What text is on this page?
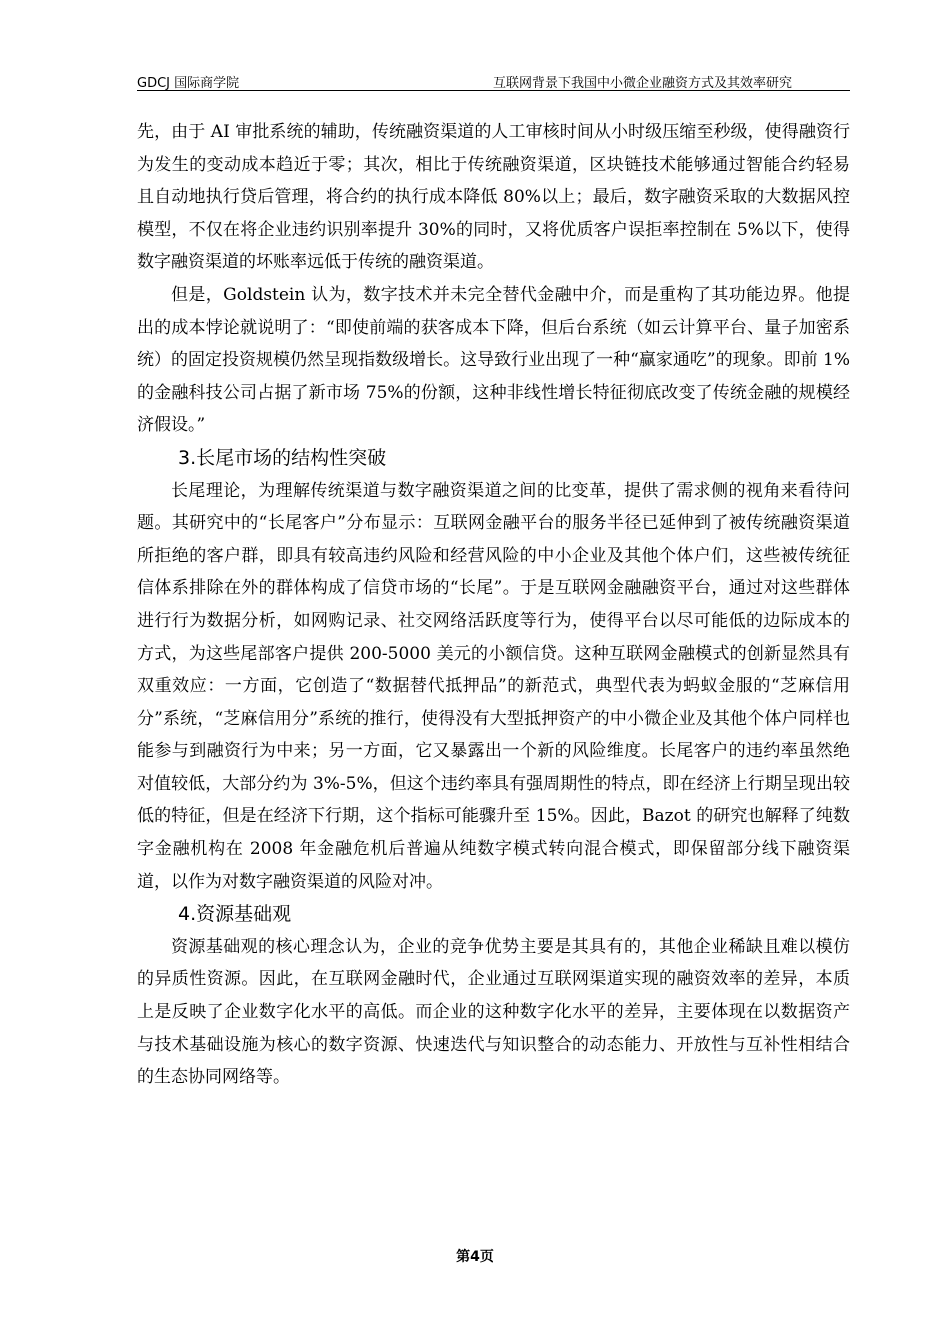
GDCJ 国际商学院	互联网背景下我国中小微企业融资方式及其效率研究

先，由于 AI 审批系统的辅助，传统融资渠道的人工审核时间从小时级压缩至秒级，使得融资行为发生的变动成本趋近于零；其次，相比于传统融资渠道，区块链技术能够通过智能合约轻易且自动地执行贷后管理，将合约的执行成本降低 80%以上；最后，数字融资采取的大数据风控模型，不仅在将企业违约识别率提升 30%的同时，又将优质客户误拒率控制在 5%以下，使得数字融资渠道的坏账率远低于传统的融资渠道。

但是，Goldstein 认为，数字技术并未完全替代金融中介，而是重构了其功能边界。他提出的成本悖论就说明了：“即使前端的获客成本下降，但后台系统（如云计算平台、量子加密系统）的固定投资规模仍然呈现指数级增长。这导致行业出现了一种“赢家通吃”的现象。即前 1%的金融科技公司占据了新市场 75%的份额，这种非线性增长特征彻底改变了传统金融的规模经济假设。”

3.长尾市场的结构性突破

长尾理论，为理解传统渠道与数字融资渠道之间的比变革，提供了需求侧的视角来看待问题。其研究中的“长尾客户”分布显示：互联网金融平台的服务半径已延伸到了被传统融资渠道所拒绝的客户群，即具有较高违约风险和经营风险的中小企业及其他个体户们，这些被传统征信体系排除在外的群体构成了信贷市场的“长尾”。于是互联网金融融资平台，通过对这些群体进行行为数据分析，如网购记录、社交网络活跃度等行为，使得平台以尽可能低的边际成本的方式，为这些尾部客户提供 200-5000 美元的小额信贷。这种互联网金融模式的创新显然具有双重效应：一方面，它创造了“数据替代抵押品”的新范式，典型代表为蚂蚁金服的“芝麻信用分”系统，“芝麻信用分”系统的推行，使得没有大型抵押资产的中小微企业及其他个体户同样也能参与到融资行为中来；另一方面，它又暴露出一个新的风险维度。长尾客户的违约率虽然绝对值较低，大部分约为 3%-5%，但这个违约率具有强周期性的特点，即在经济上行期呈现出较低的特征，但是在经济下行期，这个指标可能骤升至 15%。因此，Bazot 的研究也解释了纯数字金融机构在 2008 年金融危机后普遍从纯数字模式转向混合模式，即保留部分线下融资渠道，以作为对数字融资渠道的风险对冲。

4.资源基础观

资源基础观的核心理念认为，企业的竞争优势主要是其具有的，其他企业稀缺且难以模仿的异质性资源。因此，在互联网金融时代，企业通过互联网渠道实现的融资效率的差异，本质上是反映了企业数字化水平的高低。而企业的这种数字化水平的差异，主要体现在以数据资产与技术基础设施为核心的数字资源、快速迭代与知识整合的动态能力、开放性与互补性相结合的生态协同网络等。

第4页
